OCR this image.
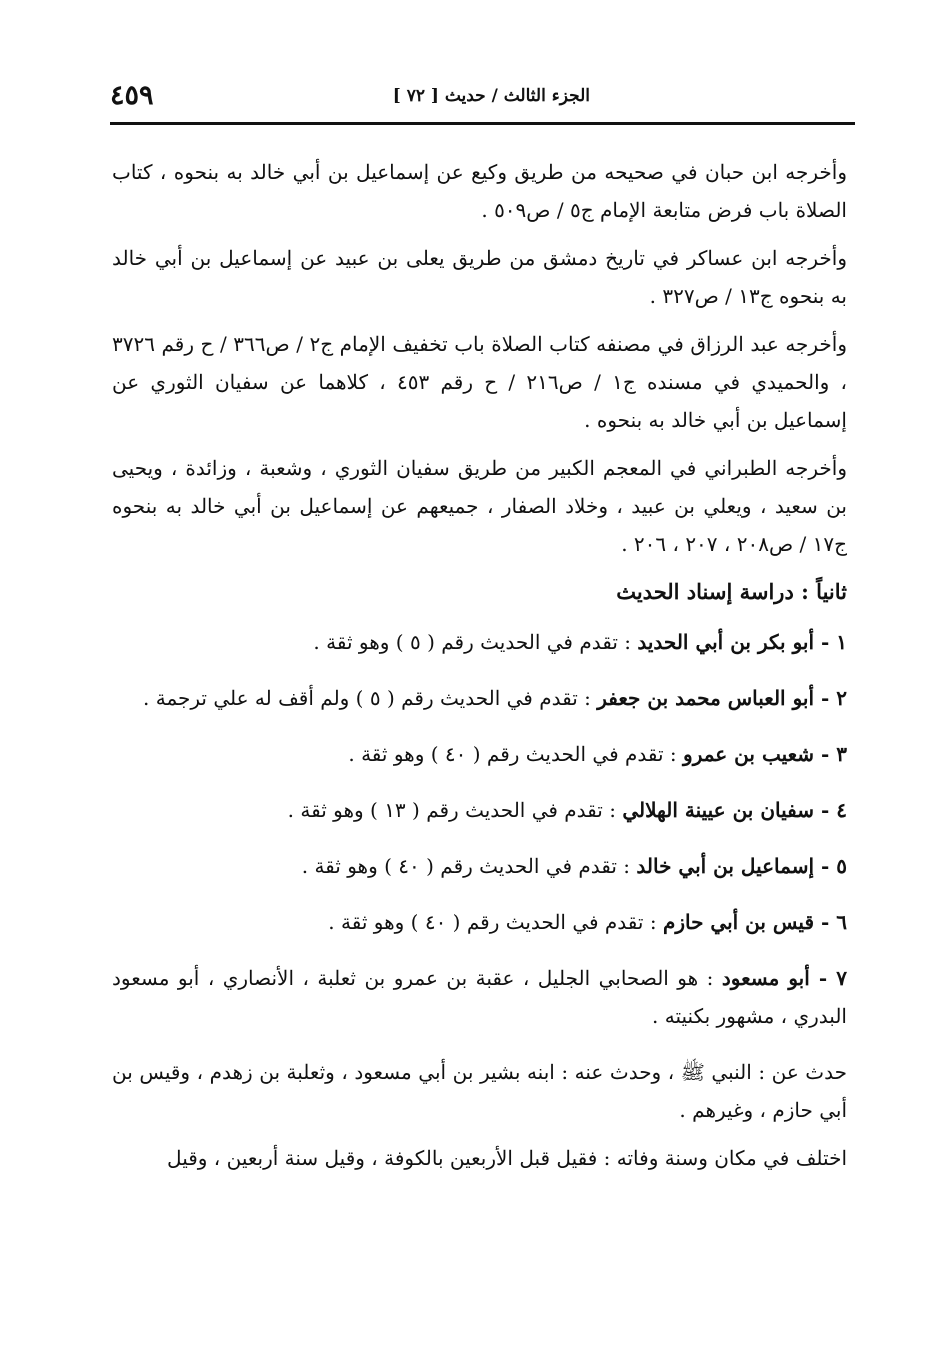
الجزء الثالث / حديث [ ٧٢ ]
٤٥٩

وأخرجه ابن حبان في صحيحه من طريق وكيع عن إسماعيل بن أبي خالد به بنحوه ، كتاب الصلاة باب فرض متابعة الإمام ج٥ / ص٥٠٩ .

وأخرجه ابن عساكر في تاريخ دمشق من طريق يعلى بن عبيد عن إسماعيل بن أبي خالد به بنحوه ج١٣ / ص٣٢٧ .

وأخرجه عبد الرزاق في مصنفه كتاب الصلاة باب تخفيف الإمام ج٢ / ص٣٦٦ / ح رقم ٣٧٢٦ ، والحميدي في مسنده ج١ / ص٢١٦ / ح رقم ٤٥٣ ، كلاهما عن سفيان الثوري عن إسماعيل بن أبي خالد به بنحوه .

وأخرجه الطبراني في المعجم الكبير من طريق سفيان الثوري ، وشعبة ، وزائدة ، ويحيى بن سعيد ، ويعلي بن عبيد ، وخلاد الصفار ، جميعهم عن إسماعيل بن أبي خالد به بنحوه ج١٧ / ص٢٠٨ ، ٢٠٧ ، ٢٠٦ .

ثانياً : دراسة إسناد الحديث

١ - أبو بكر بن أبي الحديد : تقدم في الحديث رقم ( ٥ ) وهو ثقة .

٢ - أبو العباس محمد بن جعفر : تقدم في الحديث رقم ( ٥ ) ولم أقف له علي ترجمة .

٣ - شعيب بن عمرو : تقدم في الحديث رقم ( ٤٠ ) وهو ثقة .

٤ - سفيان بن عيينة الهلالي : تقدم في الحديث رقم ( ١٣ ) وهو ثقة .

٥ - إسماعيل بن أبي خالد : تقدم في الحديث رقم ( ٤٠ ) وهو ثقة .

٦ - قيس بن أبي حازم : تقدم في الحديث رقم ( ٤٠ ) وهو ثقة .

٧ - أبو مسعود : هو الصحابي الجليل ، عقبة بن عمرو بن ثعلبة ، الأنصاري ، أبو مسعود البدري ، مشهور بكنيته .

حدث عن : النبي ﷺ ، وحدث عنه : ابنه بشير بن أبي مسعود ، وثعلبة بن زهدم ، وقيس بن أبي حازم ، وغيرهم .

اختلف في مكان وسنة وفاته : فقيل قبل الأربعين بالكوفة ، وقيل سنة أربعين ، وقيل
